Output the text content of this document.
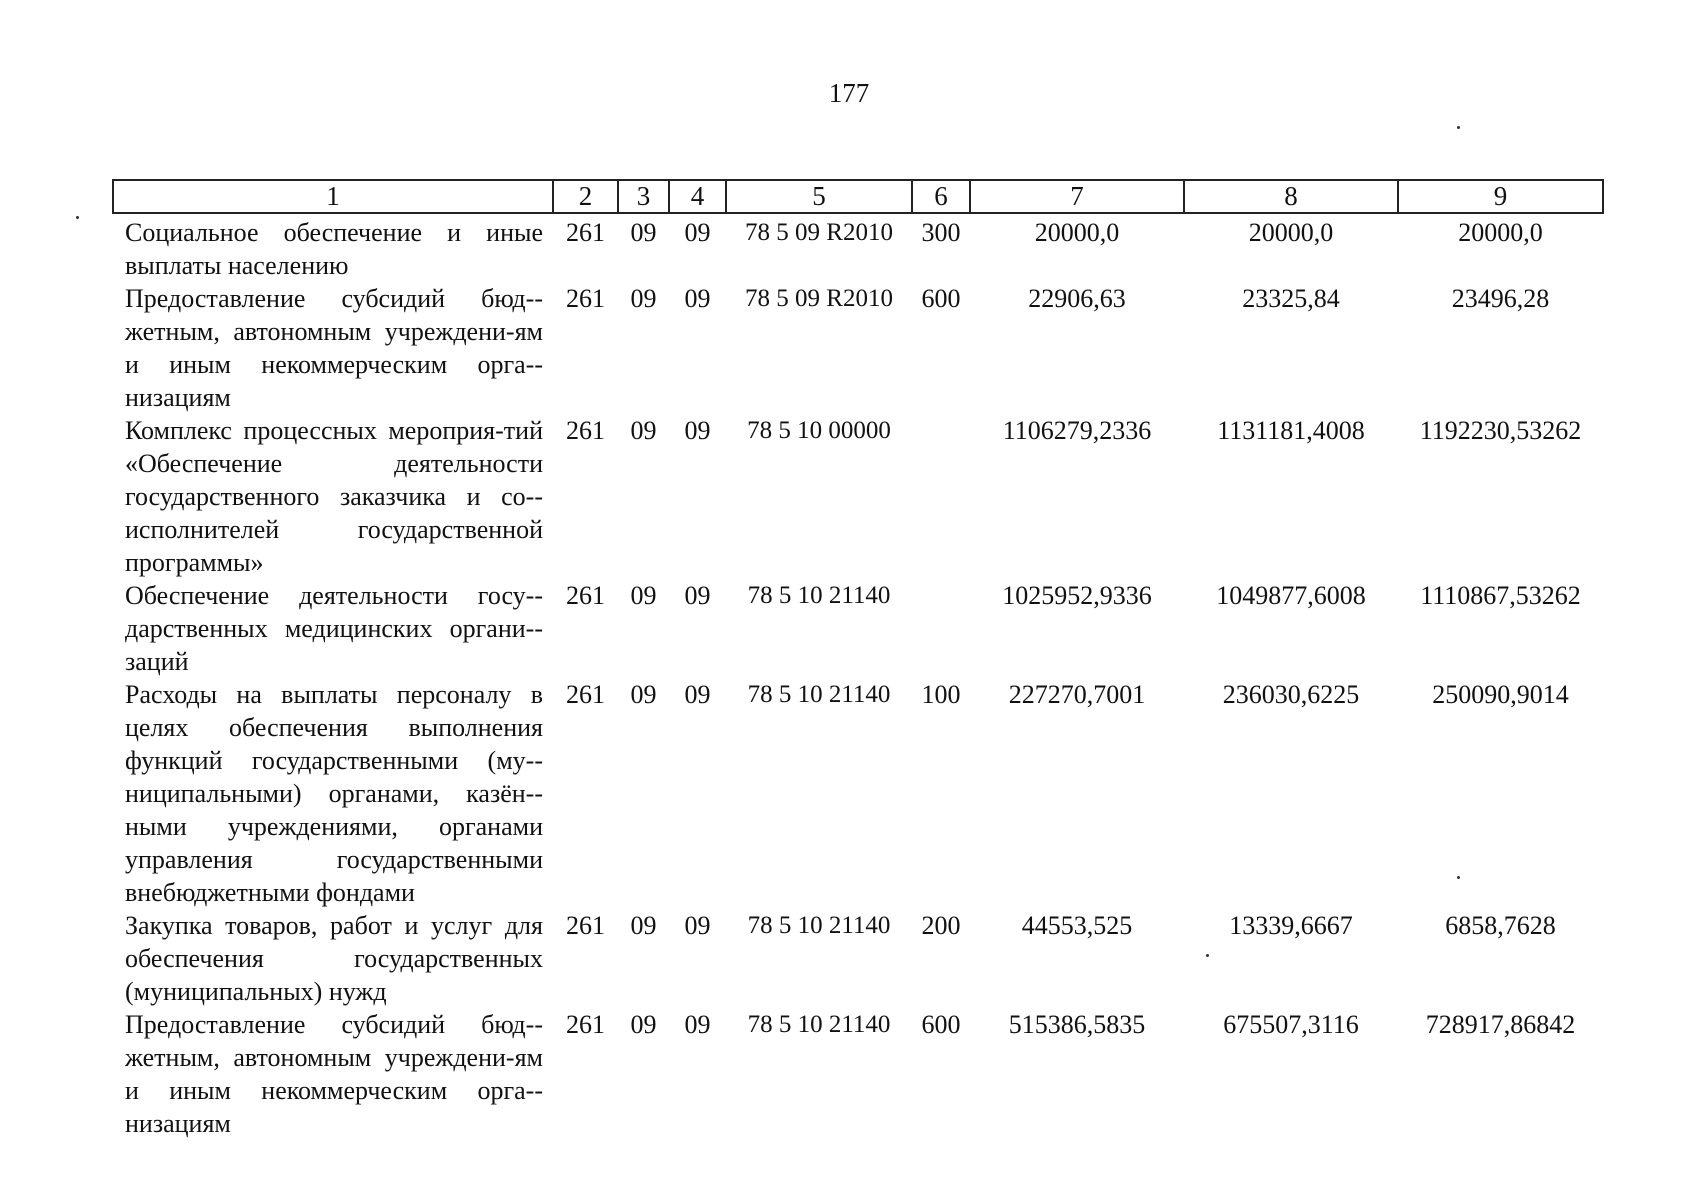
177
1	2	3	4	5	6	7	8	9
Социальное обеспечение и иные выплаты населению	261	09	09	78 5 09 R2010	300	20000,0	20000,0	20000,0
Предоставление субсидий бюд-жетным, автономным учреждени-ям и иным некоммерческим орга-низациям	261	09	09	78 5 09 R2010	600	22906,63	23325,84	23496,28
Комплекс процессных мероприя-тий «Обеспечение деятельности государственного заказчика и со-исполнителей государственной программы»	261	09	09	78 5 10 00000		1106279,2336	1131181,4008	1192230,53262
Обеспечение деятельности госу-дарственных медицинских органи-заций	261	09	09	78 5 10 21140		1025952,9336	1049877,6008	1110867,53262
Расходы на выплаты персоналу в целях обеспечения выполнения функций государственными (му-ниципальными) органами, казён-ными учреждениями, органами управления государственными внебюджетными фондами	261	09	09	78 5 10 21140	100	227270,7001	236030,6225	250090,9014
Закупка товаров, работ и услуг для обеспечения государственных (муниципальных) нужд	261	09	09	78 5 10 21140	200	44553,525	13339,6667	6858,7628
Предоставление субсидий бюд-жетным, автономным учреждени-ям и иным некоммерческим орга-низациям	261	09	09	78 5 10 21140	600	515386,5835	675507,3116	728917,86842
